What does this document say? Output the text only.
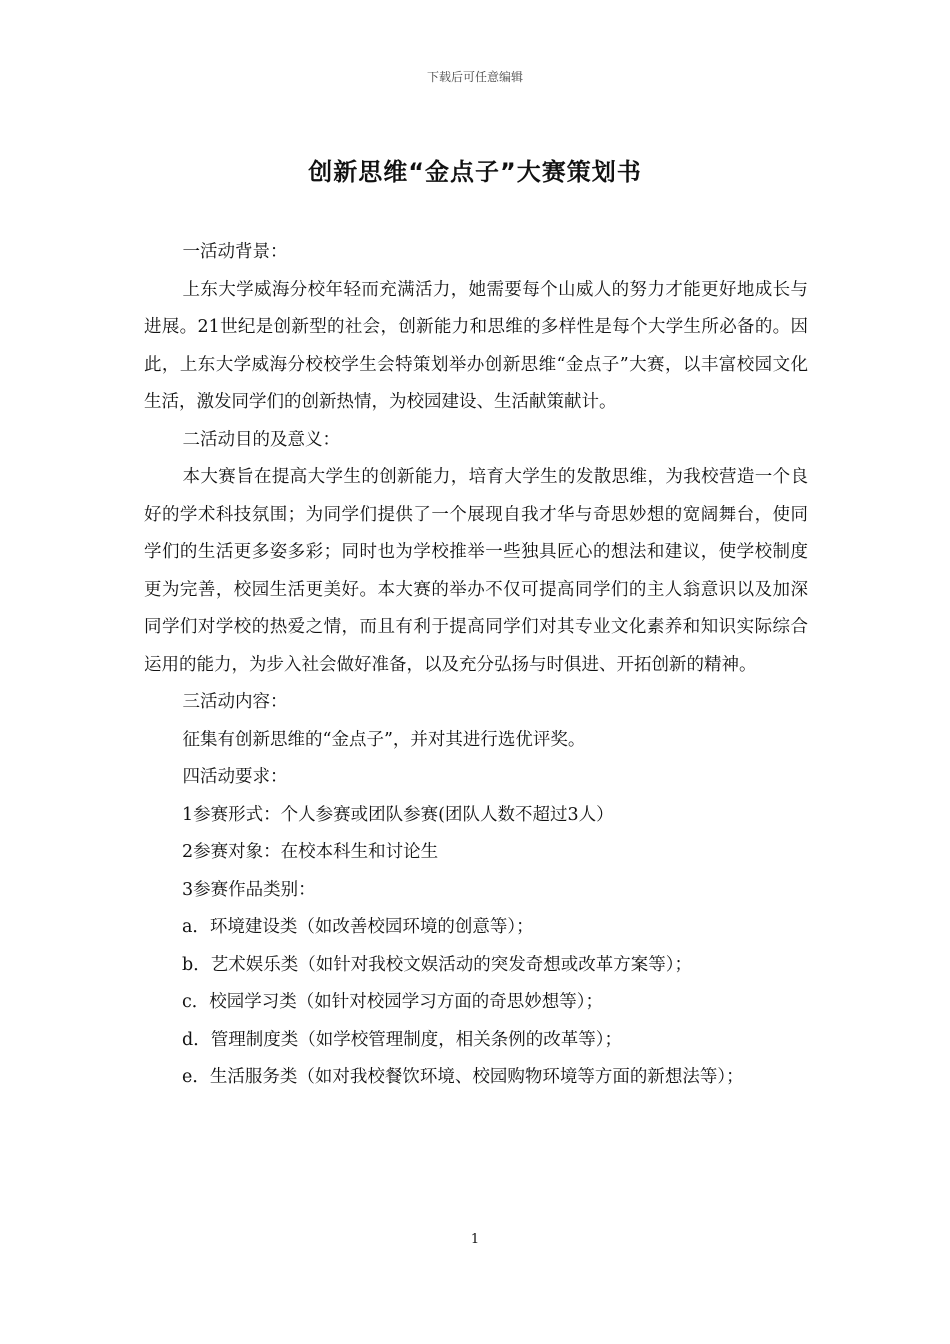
下载后可任意编辑
创新思维“金点子”大赛策划书

一活动背景：

上东大学威海分校年轻而充满活力，她需要每个山威人的努力才能更好地成长与进展。21世纪是创新型的社会，创新能力和思维的多样性是每个大学生所必备的。因此，上东大学威海分校校学生会特策划举办创新思维“金点子”大赛，以丰富校园文化生活，激发同学们的创新热情，为校园建设、生活献策献计。

二活动目的及意义：

本大赛旨在提高大学生的创新能力，培育大学生的发散思维，为我校营造一个良好的学术科技氛围；为同学们提供了一个展现自我才华与奇思妙想的宽阔舞台，使同学们的生活更多姿多彩；同时也为学校推举一些独具匠心的想法和建议，使学校制度更为完善，校园生活更美好。本大赛的举办不仅可提高同学们的主人翁意识以及加深同学们对学校的热爱之情，而且有利于提高同学们对其专业文化素养和知识实际综合运用的能力，为步入社会做好准备，以及充分弘扬与时俱进、开拓创新的精神。

三活动内容：

征集有创新思维的“金点子”，并对其进行选优评奖。

四活动要求：

1参赛形式：个人参赛或团队参赛(团队人数不超过3人）

2参赛对象：在校本科生和讨论生

3参赛作品类别：

a．环境建设类（如改善校园环境的创意等）；

b．艺术娱乐类（如针对我校文娱活动的突发奇想或改革方案等）；

c．校园学习类（如针对校园学习方面的奇思妙想等）；

d．管理制度类（如学校管理制度，相关条例的改革等）；

e．生活服务类（如对我校餐饮环境、校园购物环境等方面的新想法等）；

1
